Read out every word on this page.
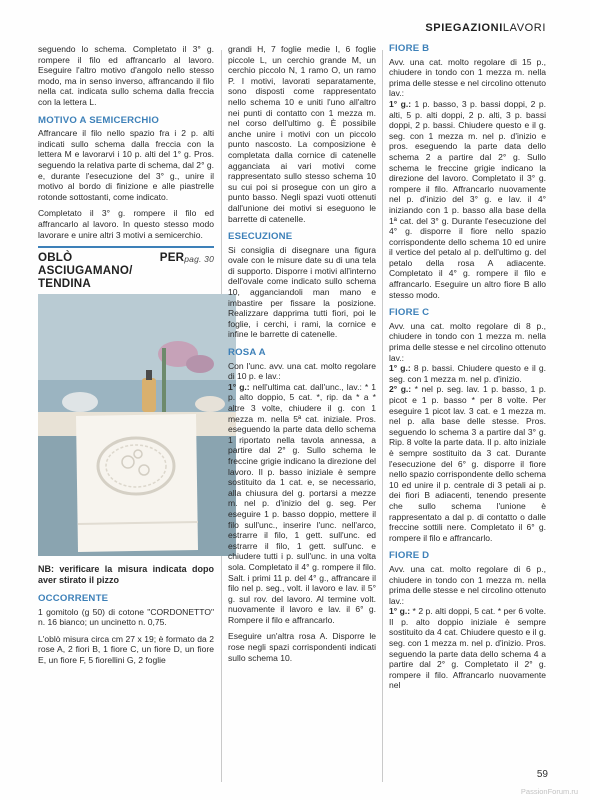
SPIEGAZIONILAVORI

seguendo lo schema. Completato il 3° g. rompere il filo ed affrancarlo al lavoro. Eseguire l'altro motivo d'angolo nello stesso modo, ma in senso inverso, affrancando il filo nella cat. indicata sullo schema dalla freccia con la lettera L.

MOTIVO A SEMICERCHIO

Affrancare il filo nello spazio fra i 2 p. alti indicati sullo schema dalla freccia con la lettera M e lavorarvi i 10 p. alti del 1° g. Pros. seguendo la relativa parte di schema, dal 2° g. e, durante l'esecuzione del 3° g., unire il motivo al bordo di finizione e alle piastrelle rotonde sottostanti, come indicato.

Completato il 3° g. rompere il filo ed affrancarlo al lavoro. In questo stesso modo lavorare e unire altri 3 motivi a semicerchio.

pag. 30
OBLÒ PER ASCIUGAMANO/ TENDINA
NB: verificare la misura indicata dopo aver stirato il pizzo
OCCORRENTE

1 gomitolo (g 50) di cotone "CORDONETTO" n. 16 bianco; un uncinetto n. 0,75.

L'oblò misura circa cm 27 x 19; è formato da 2 rose A, 2 fiori B, 1 fiore C, un fiore D, un fiore E, un fiore F, 5 fiorellini G, 2 foglie

grandi H, 7 foglie medie I, 6 foglie piccole L, un cerchio grande M, un cerchio piccolo N, 1 ramo O, un ramo P. I motivi, lavorati separatamente, sono disposti come rappresentato nello schema 10 e uniti l'uno all'altro nei punti di contatto con 1 mezza m. nel corso dell'ultimo g. È possibile anche unire i motivi con un piccolo punto nascosto. La composizione è completata dalla cornice di catenelle agganciata ai vari motivi come rappresentato sullo stesso schema 10 su cui poi si prosegue con un giro a punto basso. Negli spazi vuoti ottenuti dall'unione dei motivi si eseguono le barrette di catenelle.

ESECUZIONE

Si consiglia di disegnare una figura ovale con le misure date su di una tela di supporto. Disporre i motivi all'interno dell'ovale come indicato sullo schema 10, agganciandoli man mano e imbastire per fissare la posizione. Realizzare dapprima tutti fiori, poi le foglie, i cerchi, i rami, la cornice e infine le barrette di catenelle.

ROSA A

Con l'unc. avv. una cat. molto regolare di 10 p. e lav.:
1° g.: nell'ultima cat. dall'unc., lav.: * 1 p. alto doppio, 5 cat. *, rip. da * a * altre 3 volte, chiudere il g. con 1 mezza m. nella 5ª cat. iniziale. Pros. eseguendo la parte data dello schema 1 riportato nella tavola annessa, a partire dal 2° g. Sullo schema le freccine grigie indicano la direzione del lavoro. Il p. basso iniziale è sempre sostituito da 1 cat. e, se necessario, alla chiusura del g. portarsi a mezze m. nel p. d'inizio del g. seg. Per eseguire 1 p. basso doppio, mettere il filo sull'unc., inserire l'unc. nell'arco, estrarre il filo, 1 gett. sull'unc. ed estrarre il filo, 1 gett. sull'unc. e chiudere tutti i p. sull'unc. in una volta sola. Completato il 4° g. rompere il filo. Salt. i primi 11 p. del 4° g., affrancare il filo nel p. seg., volt. il lavoro e lav. il 5° g. sul rov. del lavoro. Al termine volt. nuovamente il lavoro e lav. il 6° g. Rompere il filo e affrancarlo.

Eseguire un'altra rosa A. Disporre le rose negli spazi corrispondenti indicati sullo schema 10.

FIORE B

Avv. una cat. molto regolare di 15 p., chiudere in tondo con 1 mezza m. nella prima delle stesse e nel circolino ottenuto lav.:
1° g.: 1 p. basso, 3 p. bassi doppi, 2 p. alti, 5 p. alti doppi, 2 p. alti, 3 p. bassi doppi, 2 p. bassi. Chiudere questo e il g. seg. con 1 mezza m. nel p. d'inizio e pros. eseguendo la parte data dello schema 2 a partire dal 2° g. Sullo schema le freccine grigie indicano la direzione del lavoro. Completato il 3° g. rompere il filo. Affrancarlo nuovamente nel p. d'inizio del 3° g. e lav. il 4° iniziando con 1 p. basso alla base della 1ª cat. del 3° g. Durante l'esecuzione del 4° g. disporre il fiore nello spazio corrispondente dello schema 10 ed unire il vertice del petalo al p. dell'ultimo g. del petalo della rosa A adiacente. Completato il 4° g. rompere il filo e affrancarlo. Eseguire un altro fiore B allo stesso modo.

FIORE C

Avv. una cat. molto regolare di 8 p., chiudere in tondo con 1 mezza m. nella prima delle stesse e nel circolino ottenuto lav.:
1° g.: 8 p. bassi. Chiudere questo e il g. seg. con 1 mezza m. nel p. d'inizio.
2° g.: * nel p. seg. lav. 1 p. basso, 1 p. picot e 1 p. basso * per 8 volte. Per eseguire 1 picot lav. 3 cat. e 1 mezza m. nel p. alla base delle stesse. Pros. seguendo lo schema 3 a partire dal 3° g. Rip. 8 volte la parte data. Il p. alto iniziale è sempre sostituito da 3 cat. Durante l'esecuzione del 6° g. disporre il fiore nello spazio corrispondente dello schema 10 ed unire il p. centrale di 3 petali ai p. dei fiori B adiacenti, tenendo presente che sullo schema l'unione è rappresentato a dal p. di contatto o dalle freccine sottili nere. Completato il 6° g. rompere il filo e affrancarlo.

FIORE D

Avv. una cat. molto regolare di 6 p., chiudere in tondo con 1 mezza m. nella prima delle stesse e nel circolino ottenuto lav.:
1° g.: * 2 p. alti doppi, 5 cat. * per 6 volte. Il p. alto doppio iniziale è sempre sostituito da 4 cat. Chiudere questo e il g. seg. con 1 mezza m. nel p. d'inizio. Pros. seguendo la parte data dello schema 4 a partire dal 2° g. Completato il 2° g. rompere il filo. Affrancarlo nuovamente nel

59
PassionForum.ru
